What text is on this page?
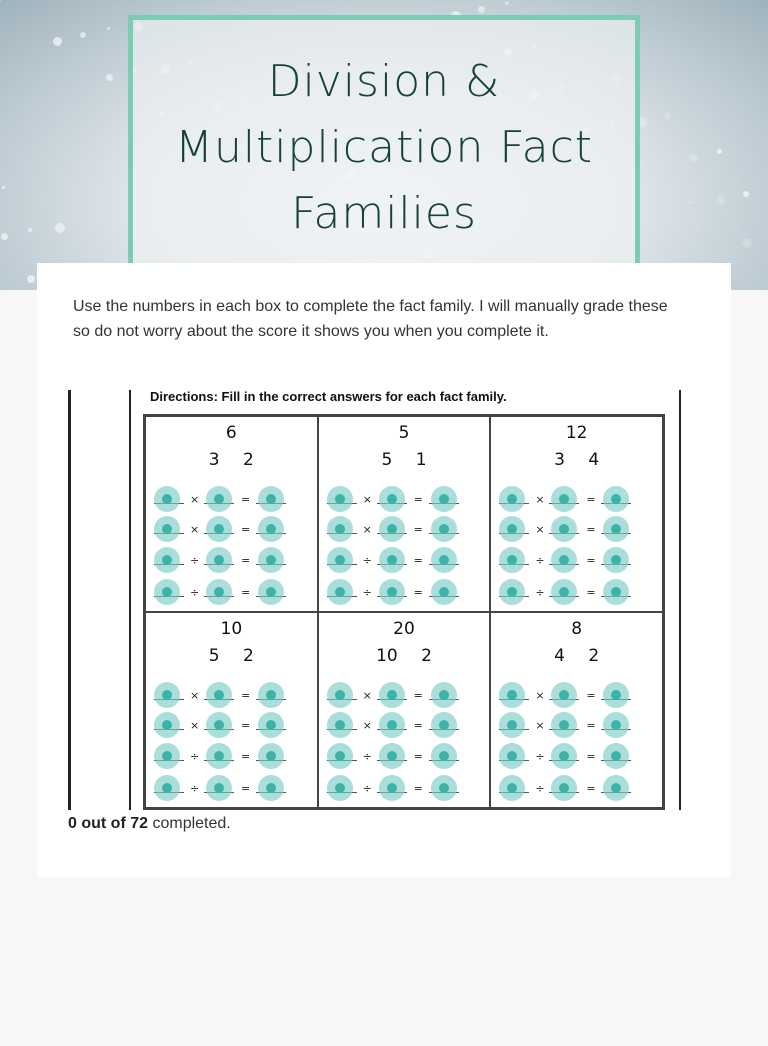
Division &
Multiplication Fact
Families
Use the numbers in each box to complete the fact family. I will manually grade these so do not worry about the score it shows you when you complete it.
Directions: Fill in the correct answers for each fact family.
6
3 2
×	=
×	=
÷	=
÷	=
5
5 1
×	=
×	=
÷	=
÷	=
12
3 4
×	=
×	=
÷	=
÷	=
10
5 2
×	=
×	=
÷	=
÷	=
20
10 2
×	=
×	=
÷	=
÷	=
8
4 2
×	=
×	=
÷	=
÷	=
0 out of 72 completed.
